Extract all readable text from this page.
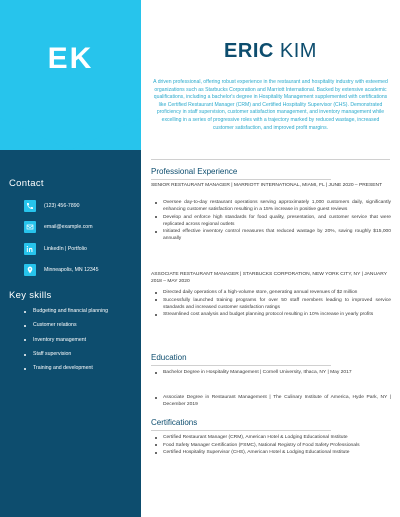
EK
Contact
(123) 456-7890
email@example.com
LinkedIn | Portfolio
Minneapolis, MN 12345
Key skills
Budgeting and financial planning
Customer relations
Inventory management
Staff supervision
Training and development
ERIC KIM

A driven professional, offering robust experience in the restaurant and hospitality industry with esteemed organizations such as Starbucks Corporation and Marriott International. Backed by extensive academic qualifications, including a bachelor's degree in Hospitality Management supplemented with certifications like Certified Restaurant Manager (CRM) and Certified Hospitality Supervisor (CHS). Demonstrated proficiency in staff supervision, customer satisfaction management, and inventory management while excelling in a series of progressive roles with a trajectory marked by reduced wastage, increased customer satisfaction, and improved profit margins.

Professional Experience
SENIOR RESTAURANT MANAGER | MARRIOTT INTERNATIONAL, MIAMI, FL | JUNE 2020 – PRESENT
Oversee day-to-day restaurant operations serving approximately 1,000 customers daily, significantly enhancing customer satisfaction resulting in a 15% increase in positive guest reviews
Develop and enforce high standards for food quality, presentation, and customer service that were replicated across regional outlets
Initiated effective inventory control measures that reduced wastage by 20%, saving roughly $15,000 annually
ASSOCIATE RESTAURANT MANAGER | STARBUCKS CORPORATION, NEW YORK CITY, NY | JANUARY 2018 – MAY 2020
Directed daily operations of a high-volume store, generating annual revenues of $2 million
Successfully launched training programs for over 50 staff members leading to improved service standards and increased customer satisfaction ratings
Streamlined cost analysis and budget planning protocol resulting in 10% increase in yearly profits
Education
Bachelor Degree in Hospitality Management | Cornell University, Ithaca, NY | May 2017
Associate Degree in Restaurant Management | The Culinary Institute of America, Hyde Park, NY | December 2019
Certifications
Certified Restaurant Manager (CRM), American Hotel & Lodging Educational Institute
Food Safety Manager Certification (FSMC), National Registry of Food Safety Professionals
Certified Hospitality Supervisor (CHS), American Hotel & Lodging Educational Institute
